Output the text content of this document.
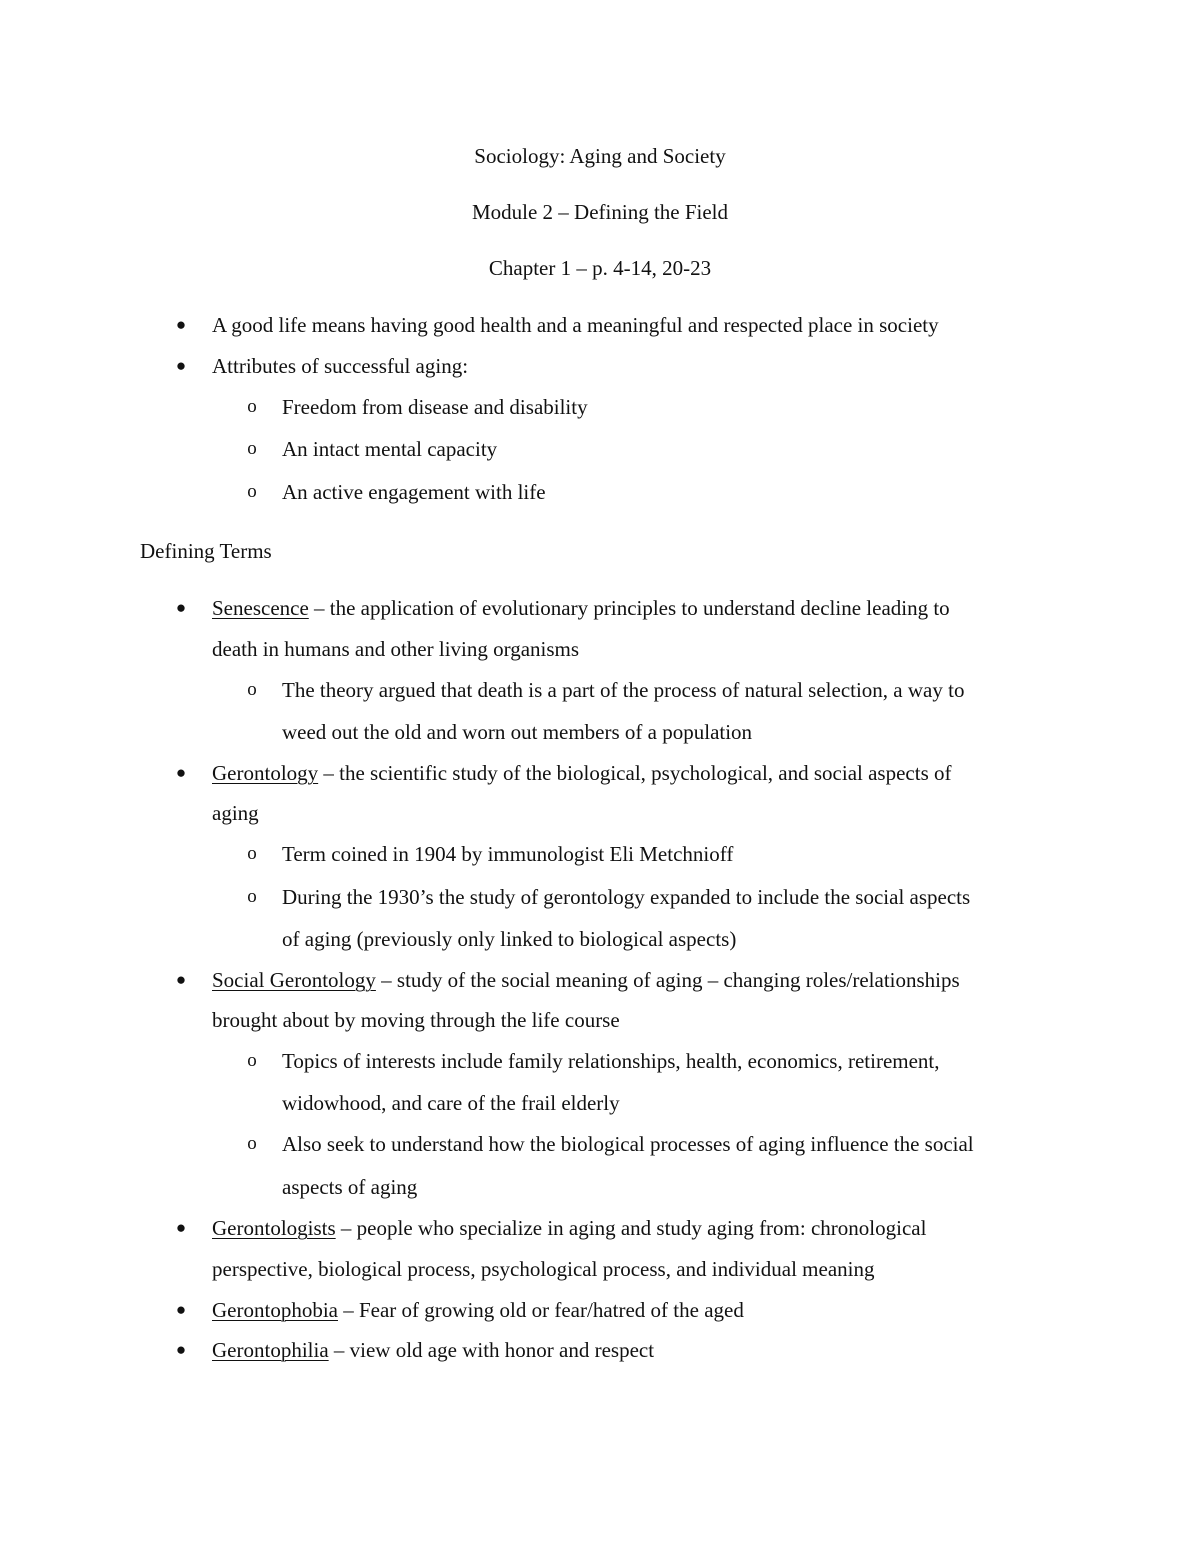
Sociology: Aging and Society
Module 2 – Defining the Field
Chapter 1 – p. 4-14, 20-23
● A good life means having good health and a meaningful and respected place in society
● Attributes of successful aging:
o Freedom from disease and disability
o An intact mental capacity
o An active engagement with life
Defining Terms
● Senescence – the application of evolutionary principles to understand decline leading to
death in humans and other living organisms
o The theory argued that death is a part of the process of natural selection, a way to
weed out the old and worn out members of a population
● Gerontology – the scientific study of the biological, psychological, and social aspects of
aging
o Term coined in 1904 by immunologist Eli Metchnioff
o During the 1930’s the study of gerontology expanded to include the social aspects
of aging (previously only linked to biological aspects)
● Social Gerontology – study of the social meaning of aging – changing roles/relationships
brought about by moving through the life course
o Topics of interests include family relationships, health, economics, retirement,
widowhood, and care of the frail elderly
o Also seek to understand how the biological processes of aging influence the social
aspects of aging
● Gerontologists – people who specialize in aging and study aging from: chronological
perspective, biological process, psychological process, and individual meaning
● Gerontophobia – Fear of growing old or fear/hatred of the aged
● Gerontophilia – view old age with honor and respect
